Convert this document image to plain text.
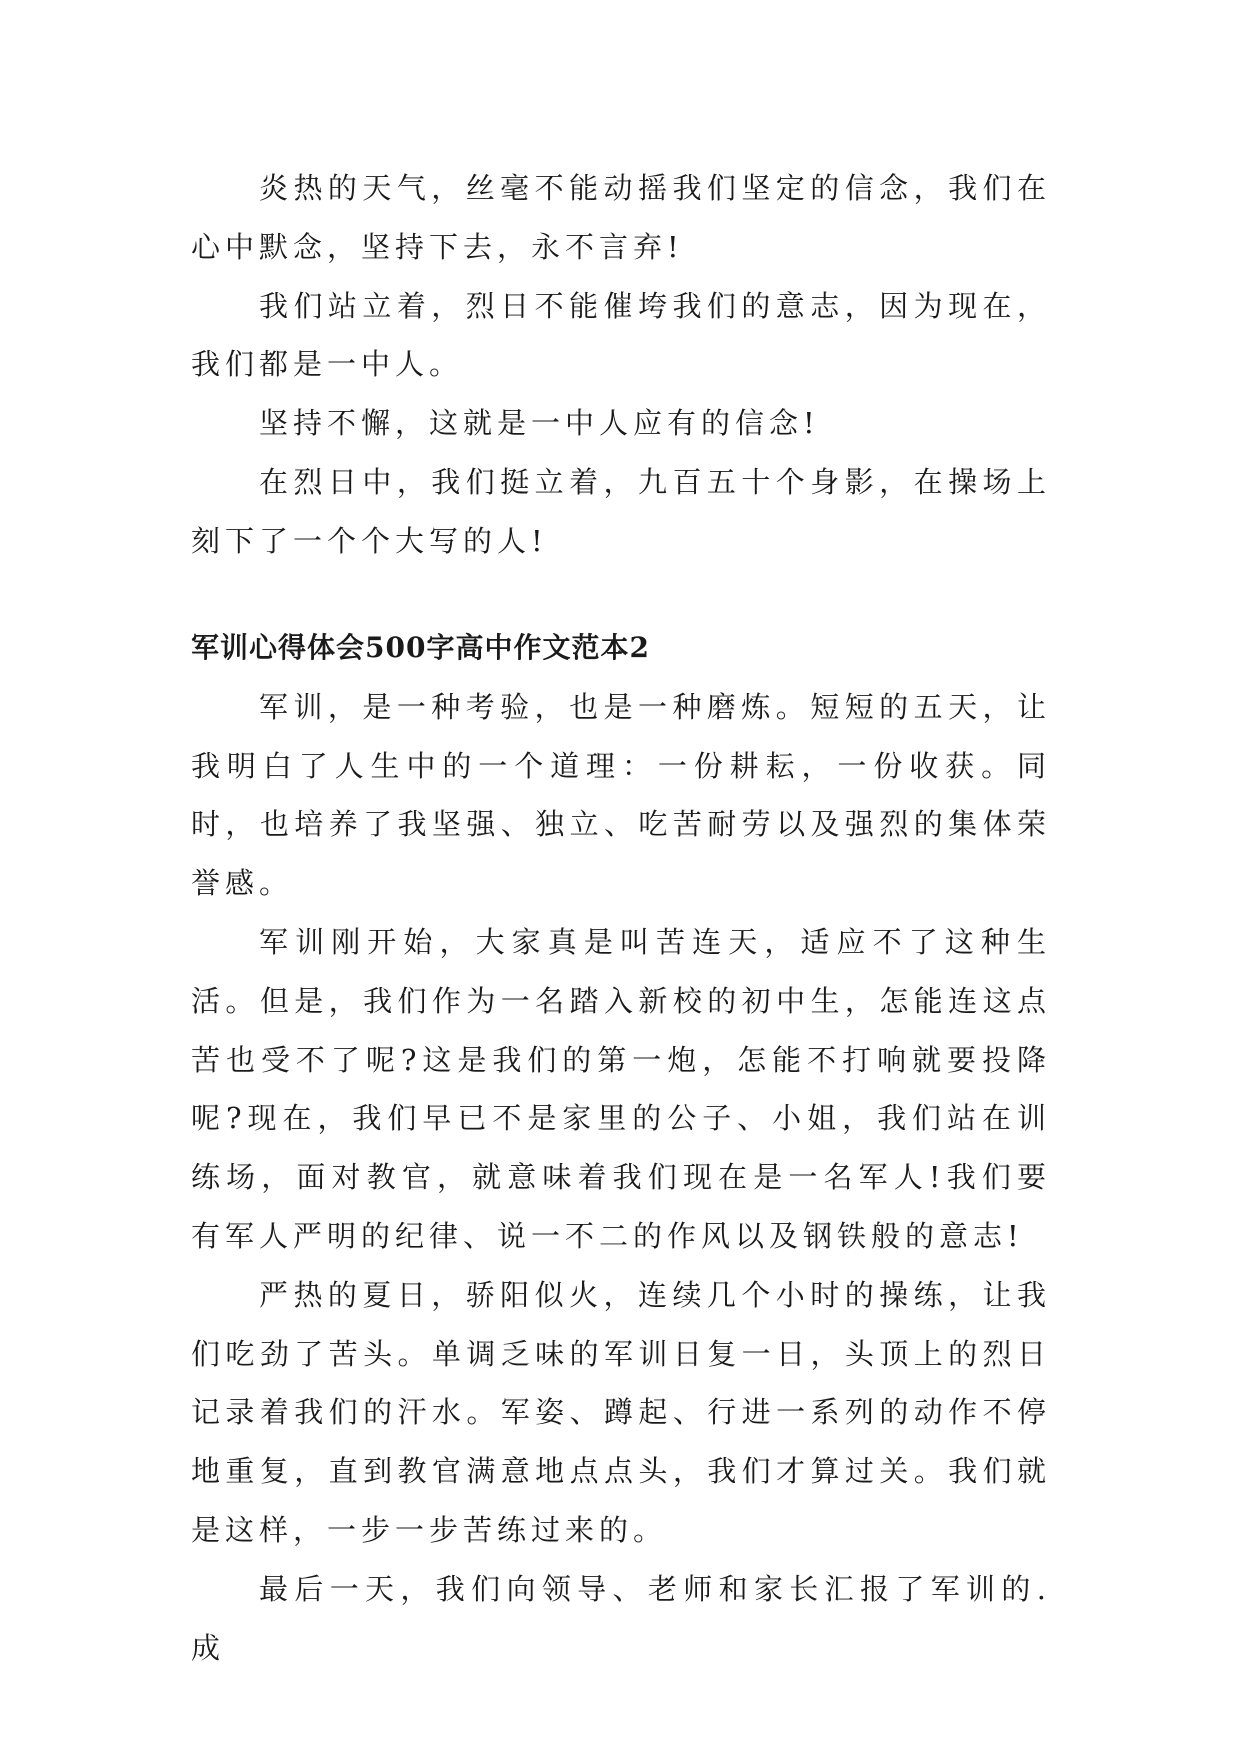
炎热的天气，丝毫不能动摇我们坚定的信念，我们在心中默念，坚持下去，永不言弃!

我们站立着，烈日不能催垮我们的意志，因为现在，我们都是一中人。

坚持不懈，这就是一中人应有的信念!

在烈日中，我们挺立着，九百五十个身影，在操场上刻下了一个个大写的人!

军训心得体会500字高中作文范本2

军训，是一种考验，也是一种磨炼。短短的五天，让我明白了人生中的一个道理：一份耕耘，一份收获。同时，也培养了我坚强、独立、吃苦耐劳以及强烈的集体荣誉感。

军训刚开始，大家真是叫苦连天，适应不了这种生活。但是，我们作为一名踏入新校的初中生，怎能连这点苦也受不了呢?这是我们的第一炮，怎能不打响就要投降呢?现在，我们早已不是家里的公子、小姐，我们站在训练场，面对教官，就意味着我们现在是一名军人!我们要有军人严明的纪律、说一不二的作风以及钢铁般的意志!

严热的夏日，骄阳似火，连续几个小时的操练，让我们吃劲了苦头。单调乏味的军训日复一日，头顶上的烈日记录着我们的汗水。军姿、蹲起、行进一系列的动作不停地重复，直到教官满意地点点头，我们才算过关。我们就是这样，一步一步苦练过来的。

最后一天，我们向领导、老师和家长汇报了军训的.成
